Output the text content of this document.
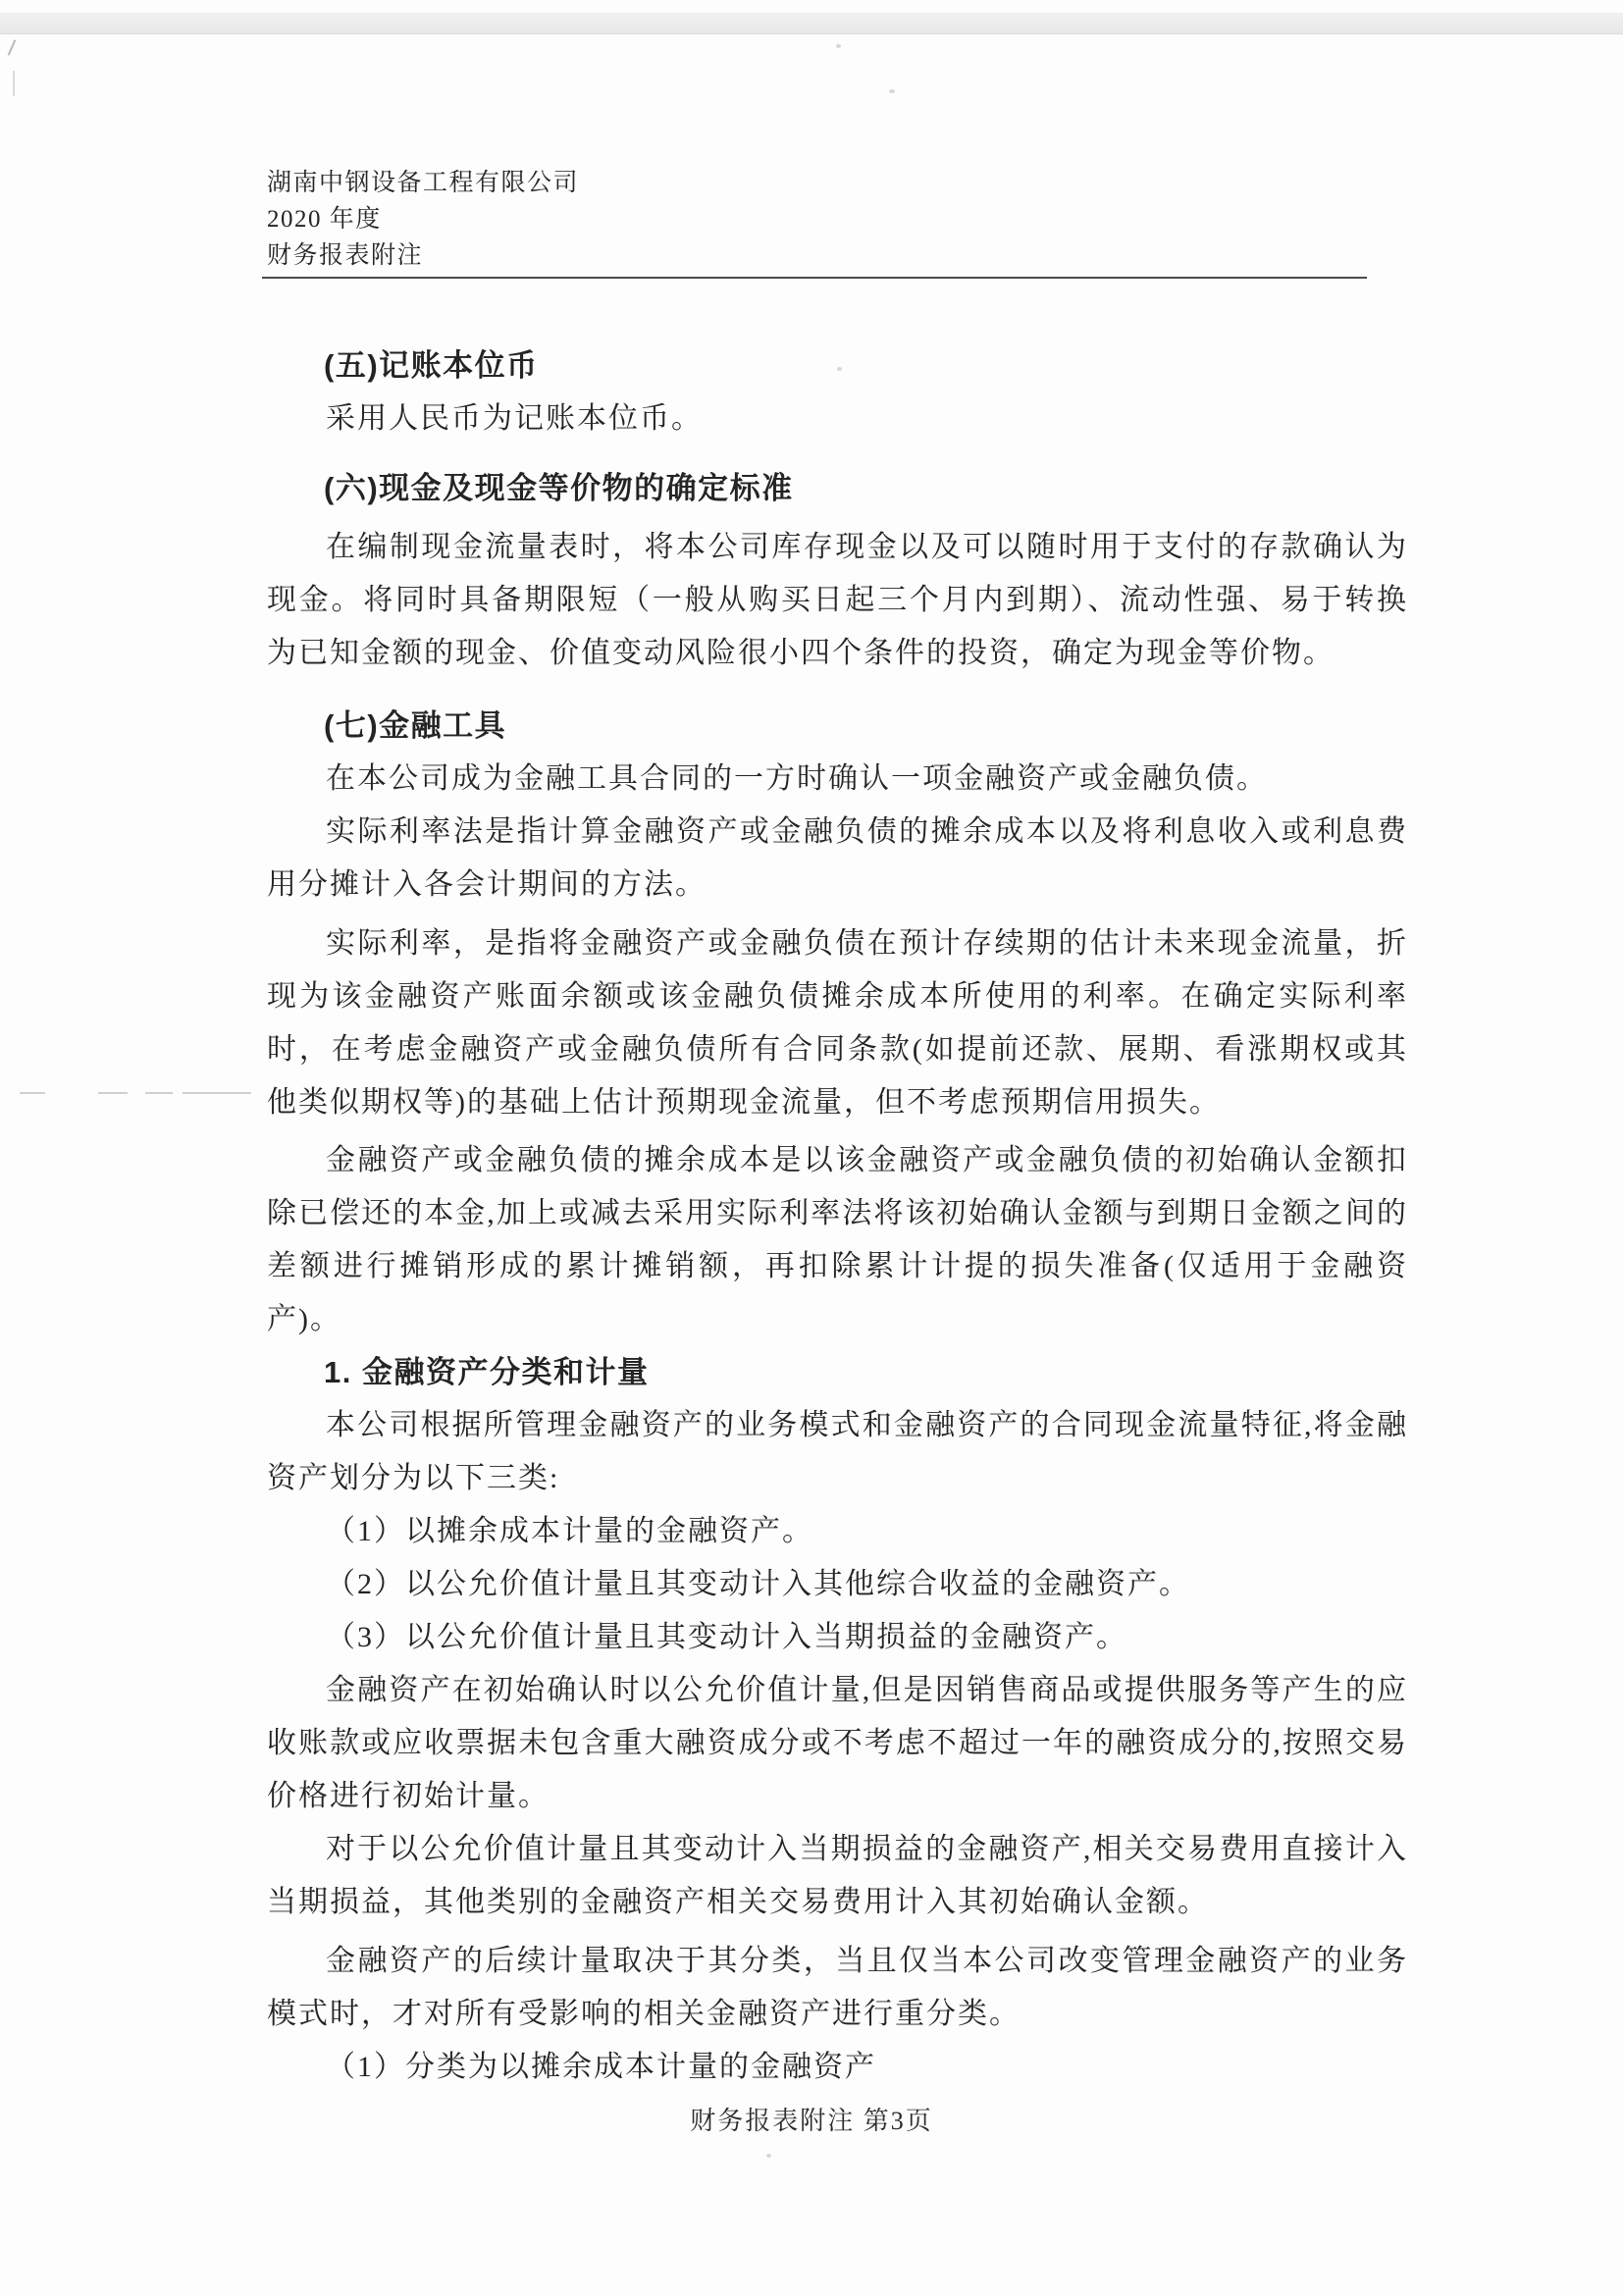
湖南中钢设备工程有限公司
2020 年度
财务报表附注

(五)记账本位币

采用人民币为记账本位币。

(六)现金及现金等价物的确定标准

在编制现金流量表时，将本公司库存现金以及可以随时用于支付的存款确认为现金。将同时具备期限短（一般从购买日起三个月内到期）、流动性强、易于转换为已知金额的现金、价值变动风险很小四个条件的投资，确定为现金等价物。

(七)金融工具

在本公司成为金融工具合同的一方时确认一项金融资产或金融负债。

实际利率法是指计算金融资产或金融负债的摊余成本以及将利息收入或利息费用分摊计入各会计期间的方法。

实际利率，是指将金融资产或金融负债在预计存续期的估计未来现金流量，折现为该金融资产账面余额或该金融负债摊余成本所使用的利率。在确定实际利率时，在考虑金融资产或金融负债所有合同条款(如提前还款、展期、看涨期权或其他类似期权等)的基础上估计预期现金流量，但不考虑预期信用损失。

金融资产或金融负债的摊余成本是以该金融资产或金融负债的初始确认金额扣除已偿还的本金,加上或减去采用实际利率法将该初始确认金额与到期日金额之间的差额进行摊销形成的累计摊销额，再扣除累计计提的损失准备(仅适用于金融资产)。

1. 金融资产分类和计量

本公司根据所管理金融资产的业务模式和金融资产的合同现金流量特征,将金融资产划分为以下三类:

（1）以摊余成本计量的金融资产。

（2）以公允价值计量且其变动计入其他综合收益的金融资产。

（3）以公允价值计量且其变动计入当期损益的金融资产。

金融资产在初始确认时以公允价值计量,但是因销售商品或提供服务等产生的应收账款或应收票据未包含重大融资成分或不考虑不超过一年的融资成分的,按照交易价格进行初始计量。

对于以公允价值计量且其变动计入当期损益的金融资产,相关交易费用直接计入当期损益，其他类别的金融资产相关交易费用计入其初始确认金额。

金融资产的后续计量取决于其分类，当且仅当本公司改变管理金融资产的业务模式时，才对所有受影响的相关金融资产进行重分类。

（1）分类为以摊余成本计量的金融资产

财务报表附注 第3页
